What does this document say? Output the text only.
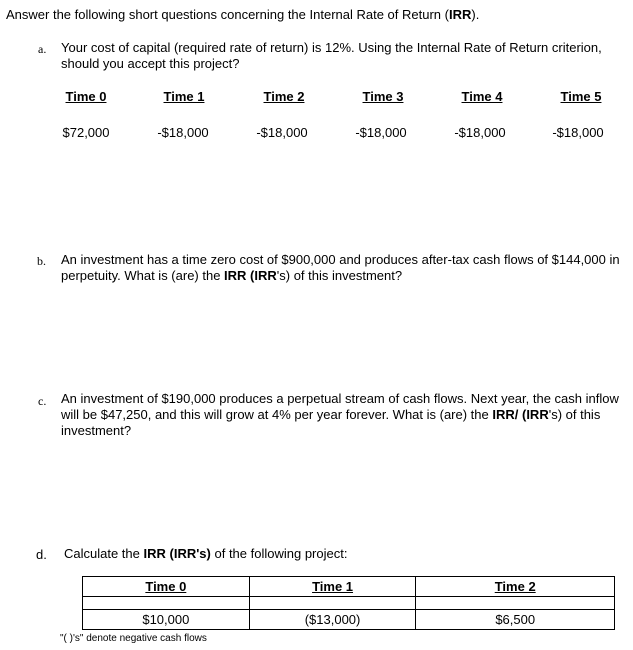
Answer the following short questions concerning the Internal Rate of Return (IRR).
a. Your cost of capital (required rate of return) is 12%. Using the Internal Rate of Return criterion, should you accept this project?
Time 0	Time 1	Time 2	Time 3	Time 4	Time 5
$72,000	-$18,000	-$18,000	-$18,000	-$18,000	-$18,000
b. An investment has a time zero cost of $900,000 and produces after-tax cash flows of $144,000 in perpetuity. What is (are) the IRR (IRR's) of this investment?
c. An investment of $190,000 produces a perpetual stream of cash flows. Next year, the cash inflow will be $47,250, and this will grow at 4% per year forever. What is (are) the IRR/ (IRR's) of this investment?
d. Calculate the IRR (IRR's) of the following project:
Time 0	Time 1	Time 2

$10,000	($13,000)	$6,500
"( )'s" denote negative cash flows
